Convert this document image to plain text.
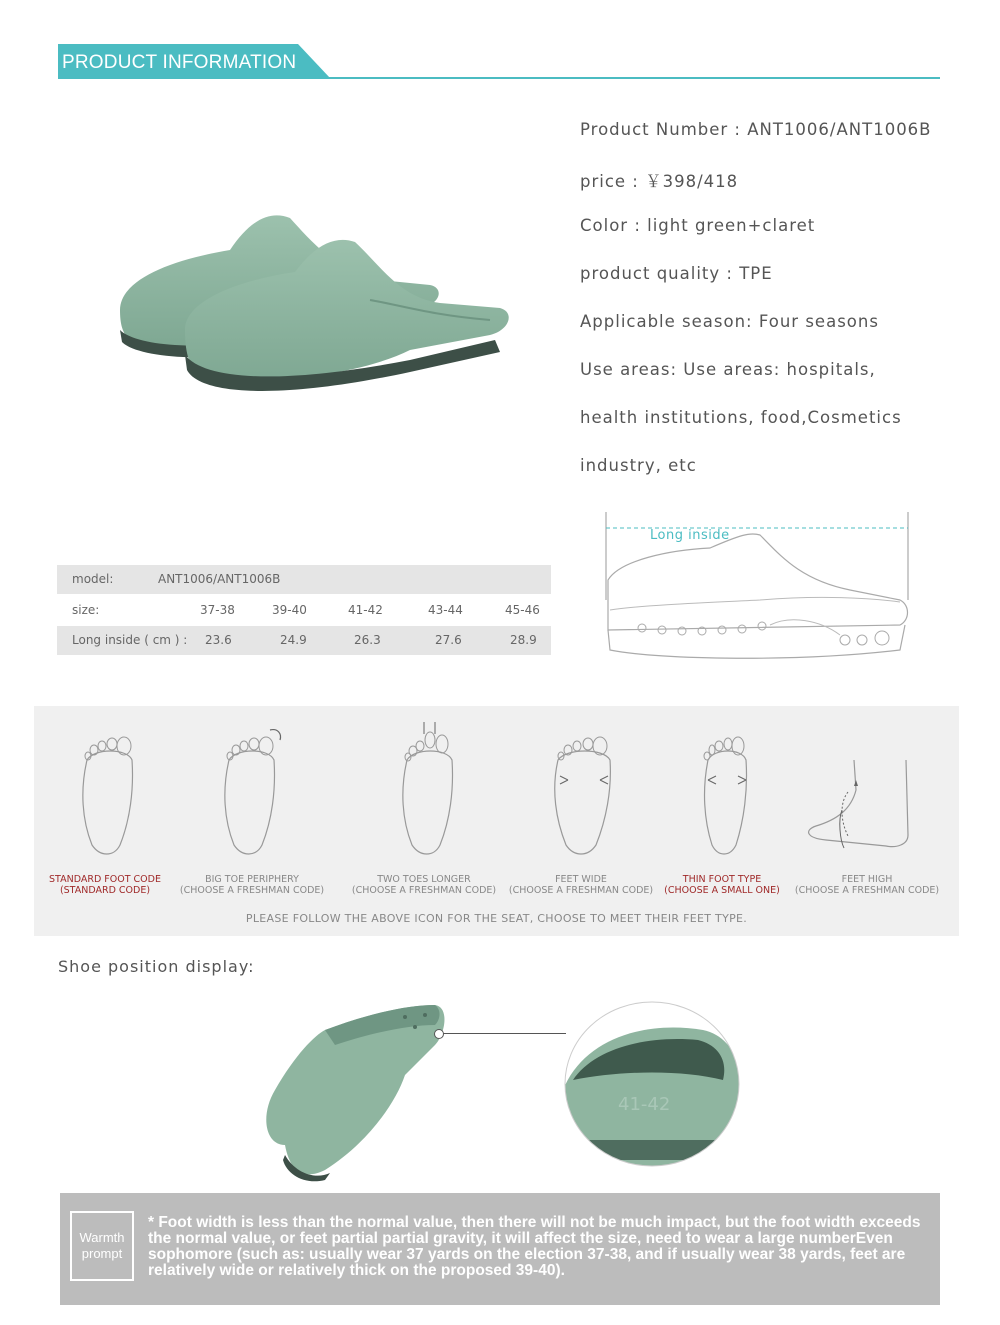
PRODUCT INFORMATION
Product Number : ANT1006/ANT1006B
price : ￥398/418
Color : light green+claret
product quality : TPE
Applicable season: Four seasons
Use areas: Use areas: hospitals,
health institutions, food,Cosmetics
industry, etc
model:	ANT1006/ANT1006B
size:	37-38	39-40	41-42	43-44	45-46
Long inside ( cm ) : 23.6	24.9	26.3	27.6	28.9
Long inside
STANDARD FOOT CODE
(STANDARD CODE)
BIG TOE PERIPHERY
(CHOOSE A FRESHMAN CODE)
TWO TOES LONGER
(CHOOSE A FRESHMAN CODE)
FEET WIDE
(CHOOSE A FRESHMAN CODE)
THIN FOOT TYPE
(CHOOSE A SMALL ONE)
FEET HIGH
(CHOOSE A FRESHMAN CODE)
PLEASE FOLLOW THE ABOVE ICON FOR THE SEAT, CHOOSE TO MEET THEIR FEET TYPE.
Shoe position display:
41-42
Warmth
prompt
* Foot width is less than the normal value, then there will not be much impact, but the foot width exceeds the normal value, or feet partial partial gravity, it will affect the size, need to wear a large numberEven sophomore (such as: usually wear 37 yards on the election 37-38, and if usually wear 38 yards, feet are relatively wide or relatively thick on the proposed 39-40).
